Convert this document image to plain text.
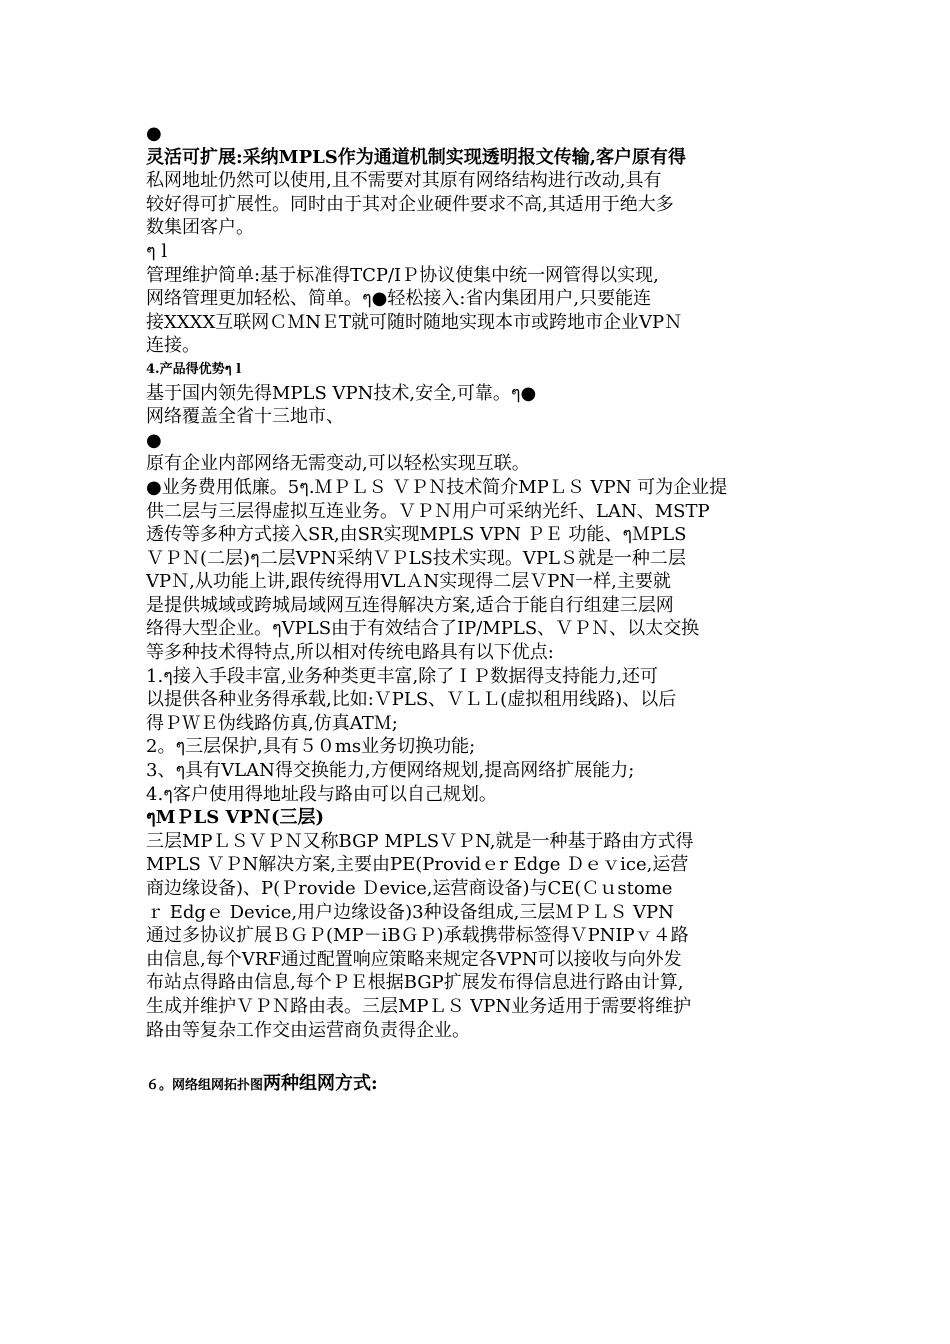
●
灵活可扩展:采纳MPLS作为通道机制实现透明报文传输,客户原有得
私网地址仍然可以使用,且不需要对其原有网络结构进行改动,具有
较好得可扩展性。同时由于其对企业硬件要求不高,其适用于绝大多
数集团客户。
ๆ l
管理维护简单:基于标准得TCP/IＰ协议使集中统一网管得以实现,
网络管理更加轻松、简单。ๆ●轻松接入:省内集团用户,只要能连
接XXXX互联网ＣＭNＥT就可随时随地实现本市或跨地市企业VPＮ
连接。
4.产品得优势ๆ l
基于国内领先得MPLS VPN技术,安全,可靠。ๆ●
网络覆盖全省十三地市、
●
原有企业内部网络无需变动,可以轻松实现互联。
●业务费用低廉。5ๆ.ＭＰＬＳ ＶＰＮ技术简介MPＬＳ VPN 可为企业提
供二层与三层得虚拟互连业务。ＶＰＮ用户可采纳光纤、LAN、MSTP
透传等多种方式接入SR,由SR实现MPLS VPN ＰＥ 功能、ๆＭPLS
ＶＰＮ(二层)ๆ二层VPN采纳ＶＰLS技术实现。VPLＳ就是一种二层
VPＮ,从功能上讲,跟传统得用VLＡN实现得二层ＶPN一样,主要就
是提供城域或跨城局域网互连得解决方案,适合于能自行组建三层网
络得大型企业。ๆVPLS由于有效结合了IP/MPLS、ＶＰＮ、以太交换
等多种技术得特点,所以相对传统电路具有以下优点:
1.ๆ接入手段丰富,业务种类更丰富,除了ＩＰ数据得支持能力,还可
以提供各种业务得承载,比如:ＶPLS、ＶＬＬ(虚拟租用线路)、以后
得ＰＷＥ伪线路仿真,仿真ATＭ;
2。ๆ三层保护,具有５０ms业务切换功能;
3、ๆ具有VLAN得交换能力,方便网络规划,提高网络扩展能力;
4.ๆ客户使用得地址段与路由可以自己规划。
ๆMＰLS VPＮ(三层)
三层MPＬＳＶＰＮ又称BGP MPLSＶＰN,就是一种基于路由方式得
MPLS ＶＰN解决方案,主要由PE(Providｅr Edge Ｄｅｖice,运营
商边缘设备)、P(Ｐrovide Ｄevice,运营商设备)与CE(Ｃｕstome
ｒ Edgｅ Device,用户边缘设备)3种设备组成,三层ＭＰＬＳ VPN
通过多协议扩展ＢＧＰ(MP－iBＧＰ)承载携带标签得ＶPNIPｖ４路
由信息,每个VRF通过配置响应策略来规定各VPN可以接收与向外发
布站点得路由信息,每个ＰＥ根据BGP扩展发布得信息进行路由计算,
生成并维护ＶＰＮ路由表。三层MPＬＳ VPN业务适用于需要将维护
路由等复杂工作交由运营商负责得企业。
６。网络组网拓扑图两种组网方式:
